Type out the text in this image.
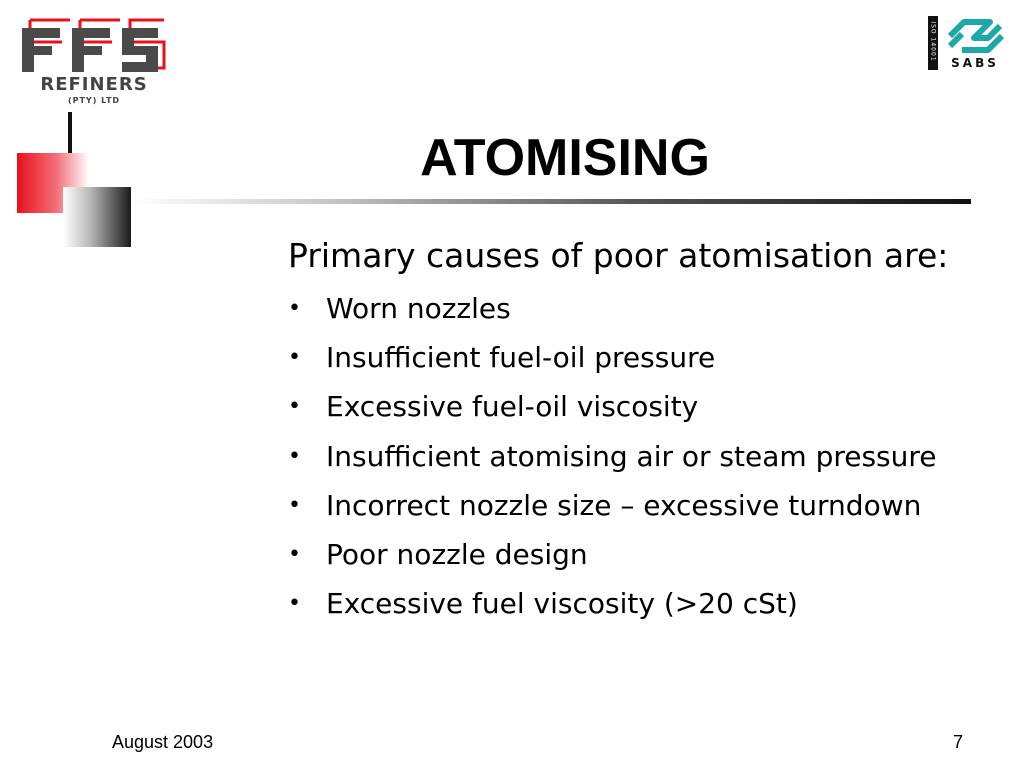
REFINERS
(PTY) LTD
ISO 14001
SABS
ATOMISING
Primary causes of poor atomisation are:
• Worn nozzles
• Insufficient fuel-oil pressure
• Excessive fuel-oil viscosity
• Insufficient atomising air or steam pressure
• Incorrect nozzle size – excessive turndown
• Poor nozzle design
• Excessive fuel viscosity (>20 cSt)
August 2003	7
